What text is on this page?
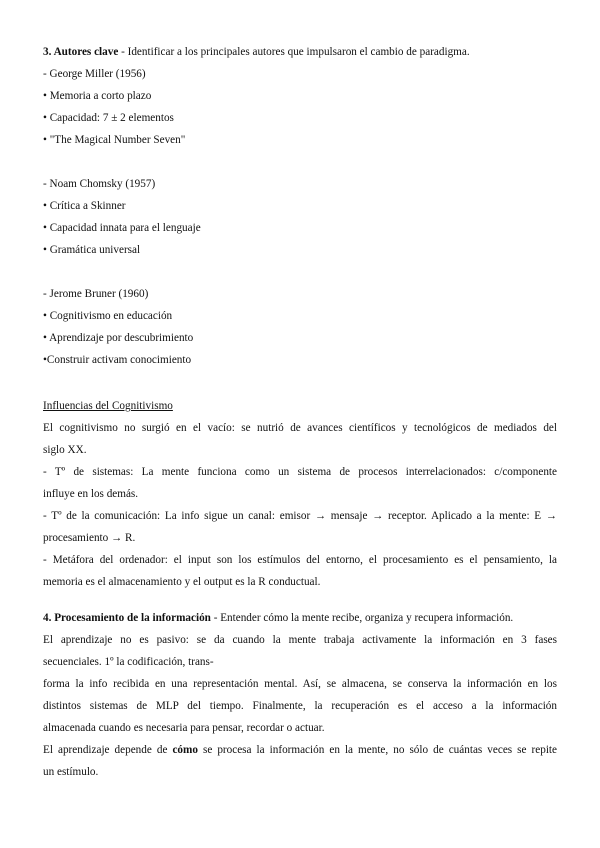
3. Autores clave - Identificar a los principales autores que impulsaron el cambio de paradigma.
- George Miller (1956)
• Memoria a corto plazo
• Capacidad: 7 ± 2 elementos
• "The Magical Number Seven"
- Noam Chomsky (1957)
• Crítica a Skinner
• Capacidad innata para el lenguaje
• Gramática universal
- Jerome Bruner (1960)
• Cognitivismo en educación
• Aprendizaje por descubrimiento
•Construir activam conocimiento
Influencias del Cognitivismo
El cognitivismo no surgió en el vacío: se nutrió de avances científicos y tecnológicos de mediados del
siglo XX.
- Tº de sistemas: La mente funciona como un sistema de procesos interrelacionados: c/componente
influye en los demás.
- Tº de la comunicación: La info sigue un canal: emisor → mensaje → receptor. Aplicado a la mente: E →
procesamiento → R.
- Metáfora del ordenador: el input son los estímulos del entorno, el procesamiento es el pensamiento, la
memoria es el almacenamiento y el output es la R conductual.
4. Procesamiento de la información - Entender cómo la mente recibe, organiza y recupera información.
El aprendizaje no es pasivo: se da cuando la mente trabaja activamente la información en 3 fases
secuenciales. 1º la codificación, trans-
forma la info recibida en una representación mental. Así, se almacena, se conserva la información en los
distintos sistemas de MLP del tiempo. Finalmente, la recuperación es el acceso a la información
almacenada cuando es necesaria para pensar, recordar o actuar.
El aprendizaje depende de cómo se procesa la información en la mente, no sólo de cuántas veces se repite
un estímulo.
